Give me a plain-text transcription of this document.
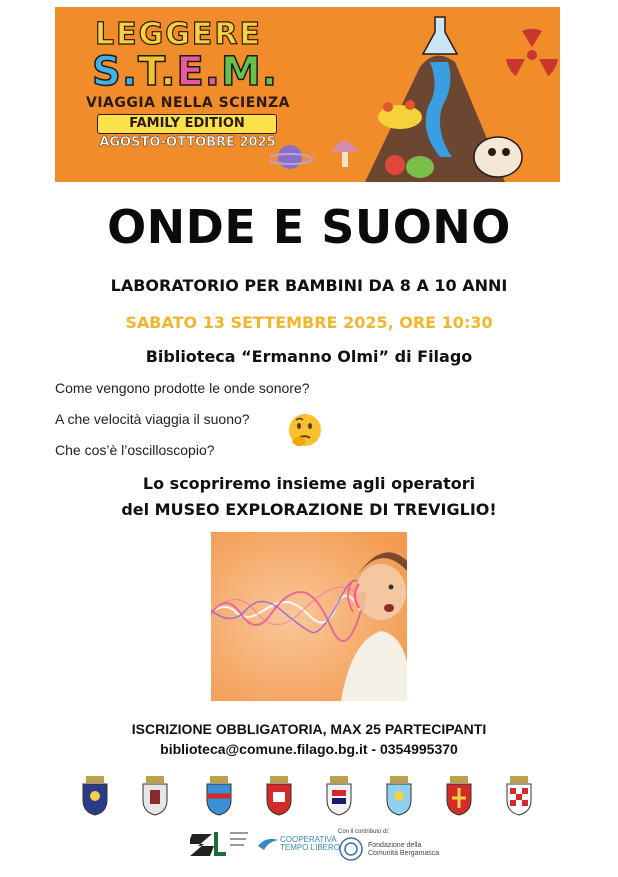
LEGGERE
S.T.E.M.
VIAGGIA NELLA SCIENZA
FAMILY EDITION
AGOSTO-OTTOBRE 2025
ONDE E SUONO
LABORATORIO PER BAMBINI DA 8 A 10 ANNI
SABATO 13 SETTEMBRE 2025, ORE 10:30
Biblioteca “Ermanno Olmi” di Filago
Come vengono prodotte le onde sonore?
A che velocità viaggia il suono?
Che cos’è l’oscilloscopio?
Lo scopriremo insieme agli operatori
del MUSEO EXPLORAZIONE DI TREVIGLIO!
ISCRIZIONE OBBLIGATORIA, MAX 25 PARTECIPANTI
biblioteca@comune.filago.bg.it - 0354995370
COOPERATIVA
TEMPO LIBERO
Con il contributo di:
Fondazione della
Comunità Bergamasca
